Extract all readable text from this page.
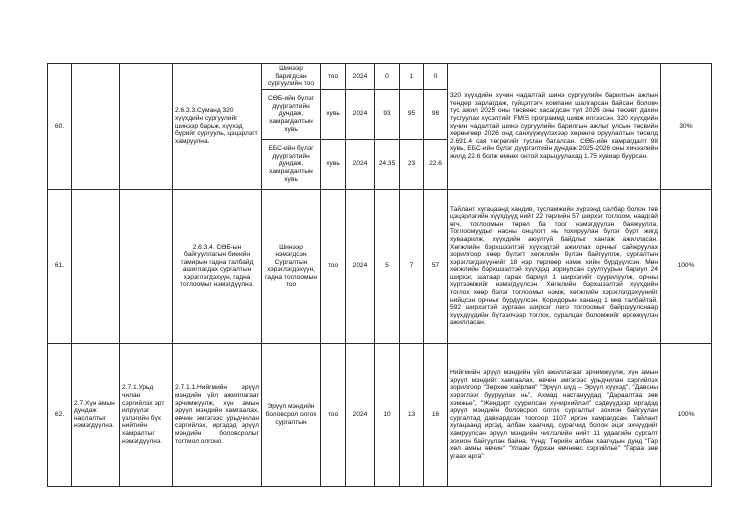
60.			2.6.3.3.Суманд 320 хүүхдийн сургуулийг шинээр барьж, хүүхэд бүрийг сургууль, цэцэрлэгт хамруулна.	Шинээр баригдсан сургуулийн тоо	тоо	2024	0	1	0	320 хүүхдийн хүчин чадалтай шинэ сургуулийн барилгын ажлын тендер зарлагдаж, гүйцэтгэгч компани шалгарсан байсан боловч тус ажил 2025 оны төсвөөс хасагдсан тул 2026 оны төсөвт дахин тусгуулах хүсэлтийг FMIS программд шивж илгээсэн. 320 хүүхдийн хүчин чадалтай шинэ сургуулийн барилгын ажлыг улсын төсвийн хөрөнгөөр 2026 онд санхүүжүүлэхээр хөрөнгө оруулалтын төсөлд 2.691.4 сая төгрөгийг тусган баталсан. СӨБ-ийн хамрагдалт 98 хувь, ЕБС-ийн бүлэг дүүргэлтийн дундаж 2025-2026 оны хичээлийн жилд 22.6 болж өмнөх онтой харьцуулахад 1.75 хувиар буурсан.	30%
				СӨБ-ийн бүлэг дүүргэлтийн дундаж, хамрагдалтын хувь	хувь	2024	93	95	98		
				ЕБС-ийн бүлэг дүүргэлтийн дундаж, хамрагдалтын хувь	хувь	2024	24.35	23	22.6		
61.			2.6.3.4. СӨБ-ын байгууллагын биеийн тамирын гадна талбайд ашиглагдах сургалтын хэрэглэгдэхүүн, гадна тоглоомыг нэмэгдүүлнэ.	Шинээр нэмэгдсэн Сургалтын хэрэглэгдэхүүн, гадна тоглоомын тоо	тоо	2024	5	7	57	Тайлант хугацаанд хандив, тусламжийн хүрээнд салбар болон төв цэцэрлэгийн хүүхдүүд нийт 22 төрлийн 57 ширхэг тоглоом, наадгай өгч, тоглоомын төрөл ба тоог нэмэгдүүлэн баяжуулла. Тоглоомуудыг насны онцлогт нь тохируулан бүлэг бүрт жигд хуваарилж, хүүхдийн аюулгүй байдлыг хангаж ажилласан. Хөгжлийн бэрхшээлтэй хүүхэдтэй ажиллах орчныг сайжруулах зорилгоор хөөр бүлэгт хөгжлийн бүлэн байгууллж, сургалтын хэрэглэгдэхүүнийг 18 нэр төрлөөр нэмж хийн бүрдүүлсэн. Мөн хөгжлийн бэрхшээлтэй хүүхдэд зориулсан суултуурын бариул 24 ширхэг, шатаар гарах бариул 1 ширхэгийг суурилуулж, орчны хүртээмжийг нэмэгдүүлсэн. Хөгжлийн бэрхшээлтэй хүүхдийн тоглох хөөр бэлэг тоглоомыг нэмж, хөгжлийн хэрэглэгдэхүүнийг нийцсэн орчныг бүрдүүлсэн. Коридорын хананд 1 мкв талбайтай, 592 ширхэгтэй зургаан ширхэг лего тоглоомыг байршуулснаар хүүхдүүдийн бүтээлчээр тоглох, суралцах боломжийг өргөжүүлэн ажилласан.	100%
62.	2.7.Хүн амын дундаж наслалтыг нэмэгдүүлнэ.	2.7.1.Урьд чилан сэргийлэх эрт илрүүлэг үзлэгийн бүх нийтийн хамралтыг нэмэгдүүлнэ.	2.7.1.1.Нийгмийн эрүүл мэндийн үйл ажиллагааг эрчимжүүлж, хүн амын эрүүл мэндийн хамгаалах, өвчин эмгэгээс урьдчилан сэргийлэх, иргэдэд эрүүл мэндийн боловсролыг тогтмол олгоно.	Эрүүл мэндийн боловсрол олгох сургалтын	тоо	2024	10	13	16	Нийгмийн эрүүл мэндийн үйл ажиллагааг эрчимжүүлж, хүн амын эрүүл мэндийг хамгаалах, өвчин эмгэгээс урьдчилан сэргийлэх зорилгоор "Зөрхөө хайрлая" "Эрүүл шүд – Эрүүл хүүхэд", "Давсны хэрэглээг бууруулах нь", Ахмад настануудад "Дараалтаа зөв хэмжье", "Жендэрт суурилсан хүчирхийлэл" сэдвүүдээр иргэдэд эрүүл мэндийн боловсрол олгох сургалтыг зохион байгуулан сургалтад давхардсан тоогоор 1107 иргэн хамрагдсан. Тайлант хугацаанд иргэд, албан хаагчид, сурагчид болон эцэг эхчүүдийг хамруулсан эрүүл мэндийн чиглэлийн нийт 11 удаагийн сургалт зохион байгуулан байна. Үүнд: Төрийн албан хаагчдын дунд "Гар хөл амны өвчин" "Улаан бурхан өвчнөөс сэргийлье" "Гараа зөв угаах арга"	100%
